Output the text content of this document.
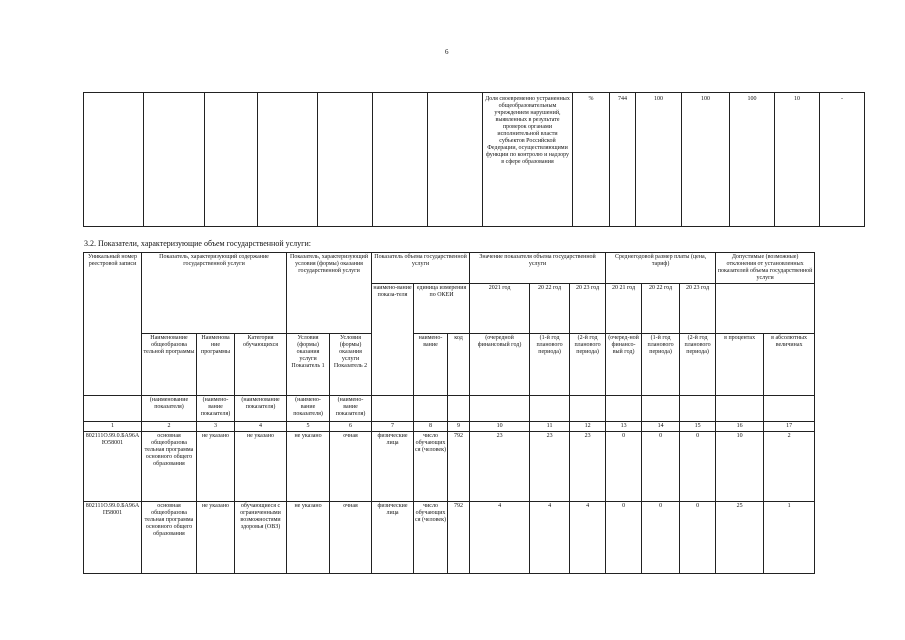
6
							Доля своевременно устраненных общеобразовательным учреждением нарушений, выявленных в результате проверок органами исполнительной власти субъектов Российской Федерации, осуществляющими функции по контролю и надзору в сфере образования	%	744	100	100	100	10	-
3.2. Показатели, характеризующие объем государственной услуги:
Уникальный номер реестровой записи	Показатель, характеризующий содержание государственной услуги			Показатель, характеризующий условия (формы) оказания государственной услуги		Показатель объема государственной услуги			Значение показателя объема государственной услуги			Среднегодовой размер платы (цена, тариф)			Допустимые (возможные) отклонения от установленных показателей объема государственной услуги	
						наимено-вание показа-теля	единица измерения по ОКЕИ		2021 год	20 22 год	20 23 год	20 21 год	20 22 год	20 23 год		
	Наименование общеобразова тельной программы	Наименова ние программы	Категория обучающихся	Условия (формы) оказания услуги Показатель 1	Условия (формы) оказания услуги Показатель 2		наимено-вание	код	(очередной финансовый год)	(1-й год планового периода)	(2-й год планового периода)	(очеред-ной финансо-вый год)	(1-й год планового периода)	(2-й год планового периода)	в процентах	в абсолютных величинах
	(наименование показателя)	(наимено-вание показателя)	(наименование показателя)	(наимено-вание показателя)	(наимено-вание показателя)											
1	2	3	4	5	6	7	8	9	10	11	12	13	14	15	16	17
802111О.99.0.БА96АЮ58001	основная общеобразова тельная программа основного общего образования	не указано	не указано	не указано	очная	физические лица	число обучающихся (человек)	792	23	23	23	0	0	0	10	2
802111О.99.0.БА96АП58001	основная общеобразова тельная программа основного общего образования	не указано	обучающиеся с ограниченными возможностями здоровья (ОВЗ)	не указано	очная	физические лица	число обучающихся (человек)	792	4	4	4	0	0	0	25	1
